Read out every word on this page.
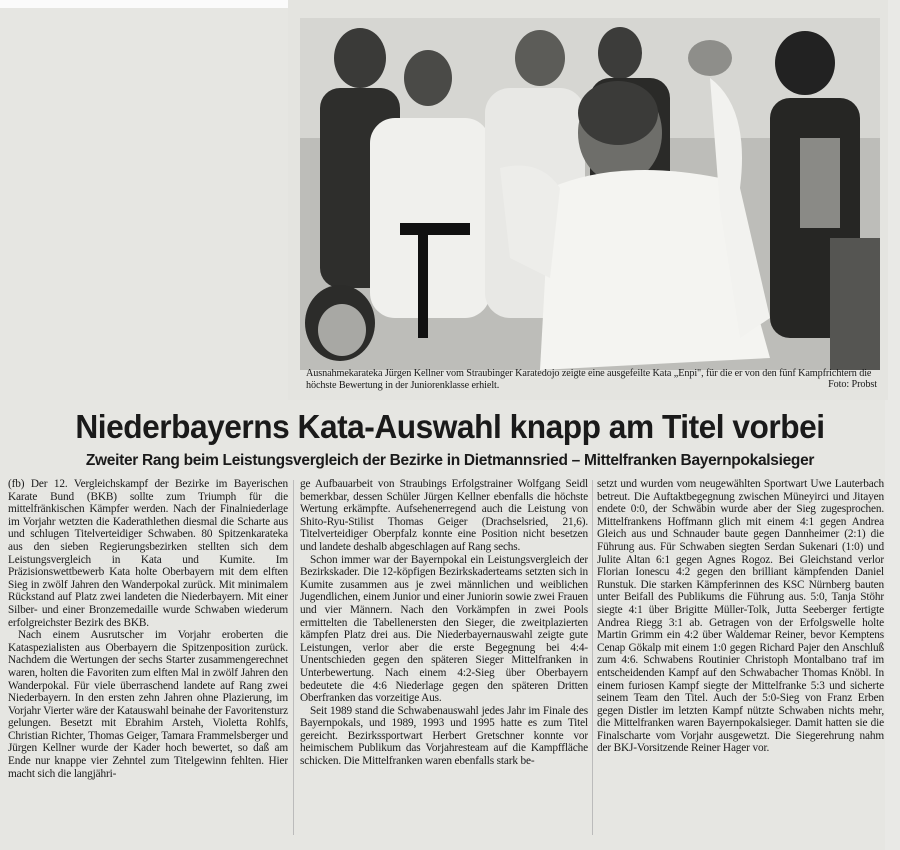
Ausnahmekarateka Jürgen Kellner vom Straubinger Karatedojo zeigte eine ausgefeilte Kata „Enpi", für die er von den fünf Kampfrichtern die höchste Bewertung in der Juniorenklasse erhielt.	Foto: Probst
Niederbayerns Kata-Auswahl knapp am Titel vorbei
Zweiter Rang beim Leistungsvergleich der Bezirke in Dietmannsried – Mittelfranken Bayernpokalsieger

(fb) Der 12. Vergleichskampf der Bezirke im Bayerischen Karate Bund (BKB) sollte zum Triumph für die mittelfränkischen Kämpfer werden. Nach der Finalniederlage im Vorjahr wetzten die Kaderathlethen diesmal die Scharte aus und schlugen Titelverteidiger Schwaben. 80 Spitzenkarateka aus den sieben Regierungsbezirken stellten sich dem Leistungsvergleich in Kata und Kumite. Im Präzisionswettbewerb Kata holte Oberbayern mit dem elften Sieg in zwölf Jahren den Wanderpokal zurück. Mit minimalem Rückstand auf Platz zwei landeten die Niederbayern. Mit einer Silber- und einer Bronzemedaille wurde Schwaben wiederum erfolgreichster Bezirk des BKB.

Nach einem Ausrutscher im Vorjahr eroberten die Kataspezialisten aus Oberbayern die Spitzenposition zurück. Nachdem die Wertungen der sechs Starter zusammengerechnet waren, holten die Favoriten zum elften Mal in zwölf Jahren den Wanderpokal. Für viele überraschend landete auf Rang zwei Niederbayern. In den ersten zehn Jahren ohne Plazierung, im Vorjahr Vierter wäre der Katauswahl beinahe der Favoritensturz gelungen. Besetzt mit Ebrahim Arsteh, Violetta Rohlfs, Christian Richter, Thomas Geiger, Tamara Frammelsberger und Jürgen Kellner wurde der Kader hoch bewertet, so daß am Ende nur knappe vier Zehntel zum Titelgewinn fehlten. Hier macht sich die langjähri-

ge Aufbauarbeit von Straubings Erfolgstrainer Wolfgang Seidl bemerkbar, dessen Schüler Jürgen Kellner ebenfalls die höchste Wertung erkämpfte. Aufsehenerregend auch die Leistung von Shito-Ryu-Stilist Thomas Geiger (Drachselsried, 21,6). Titelverteidiger Oberpfalz konnte eine Position nicht besetzen und landete deshalb abgeschlagen auf Rang sechs.

Schon immer war der Bayernpokal ein Leistungsvergleich der Bezirkskader. Die 12-köpfigen Bezirkskaderteams setzten sich in Kumite zusammen aus je zwei männlichen und weiblichen Jugendlichen, einem Junior und einer Juniorin sowie zwei Frauen und vier Männern. Nach den Vorkämpfen in zwei Pools ermittelten die Tabellenersten den Sieger, die zweitplazierten kämpfen Platz drei aus. Die Niederbayernauswahl zeigte gute Leistungen, verlor aber die erste Begegnung bei 4:4-Unentschieden gegen den späteren Sieger Mittelfranken in Unterbewertung. Nach einem 4:2-Sieg über Oberbayern bedeutete die 4:6 Niederlage gegen den späteren Dritten Oberfranken das vorzeitige Aus.

Seit 1989 stand die Schwabenauswahl jedes Jahr im Finale des Bayernpokals, und 1989, 1993 und 1995 hatte es zum Titel gereicht. Bezirkssportwart Herbert Gretschner konnte vor heimischem Publikum das Vorjahresteam auf die Kampffläche schicken. Die Mittelfranken waren ebenfalls stark be-

setzt und wurden vom neugewählten Sportwart Uwe Lauterbach betreut. Die Auftaktbegegnung zwischen Müneyirci und Jitayen endete 0:0, der Schwäbin wurde aber der Sieg zugesprochen. Mittelfrankens Hoffmann glich mit einem 4:1 gegen Andrea Gleich aus und Schnauder baute gegen Dannheimer (2:1) die Führung aus. Für Schwaben siegten Serdan Sukenari (1:0) und Julite Altan 6:1 gegen Agnes Rogoz. Bei Gleichstand verlor Florian Ionescu 4:2 gegen den brilliant kämpfenden Daniel Runstuk. Die starken Kämpferinnen des KSC Nürnberg bauten unter Beifall des Publikums die Führung aus. 5:0, Tanja Stöhr siegte 4:1 über Brigitte Müller-Tolk, Jutta Seeberger fertigte Andrea Riegg 3:1 ab. Getragen von der Erfolgswelle holte Martin Grimm ein 4:2 über Waldemar Reiner, bevor Kemptens Cenap Gökalp mit einem 1:0 gegen Richard Pajer den Anschluß zum 4:6. Schwabens Routinier Christoph Montalbano traf im entscheidenden Kampf auf den Schwabacher Thomas Knöbl. In einem furiosen Kampf siegte der Mittelfranke 5:3 und sicherte seinem Team den Titel. Auch der 5:0-Sieg von Franz Erben gegen Distler im letzten Kampf nützte Schwaben nichts mehr, die Mittelfranken waren Bayernpokalsieger. Damit hatten sie die Finalscharte vom Vorjahr ausgewetzt. Die Siegerehrung nahm der BKJ-Vorsitzende Reiner Hager vor.
